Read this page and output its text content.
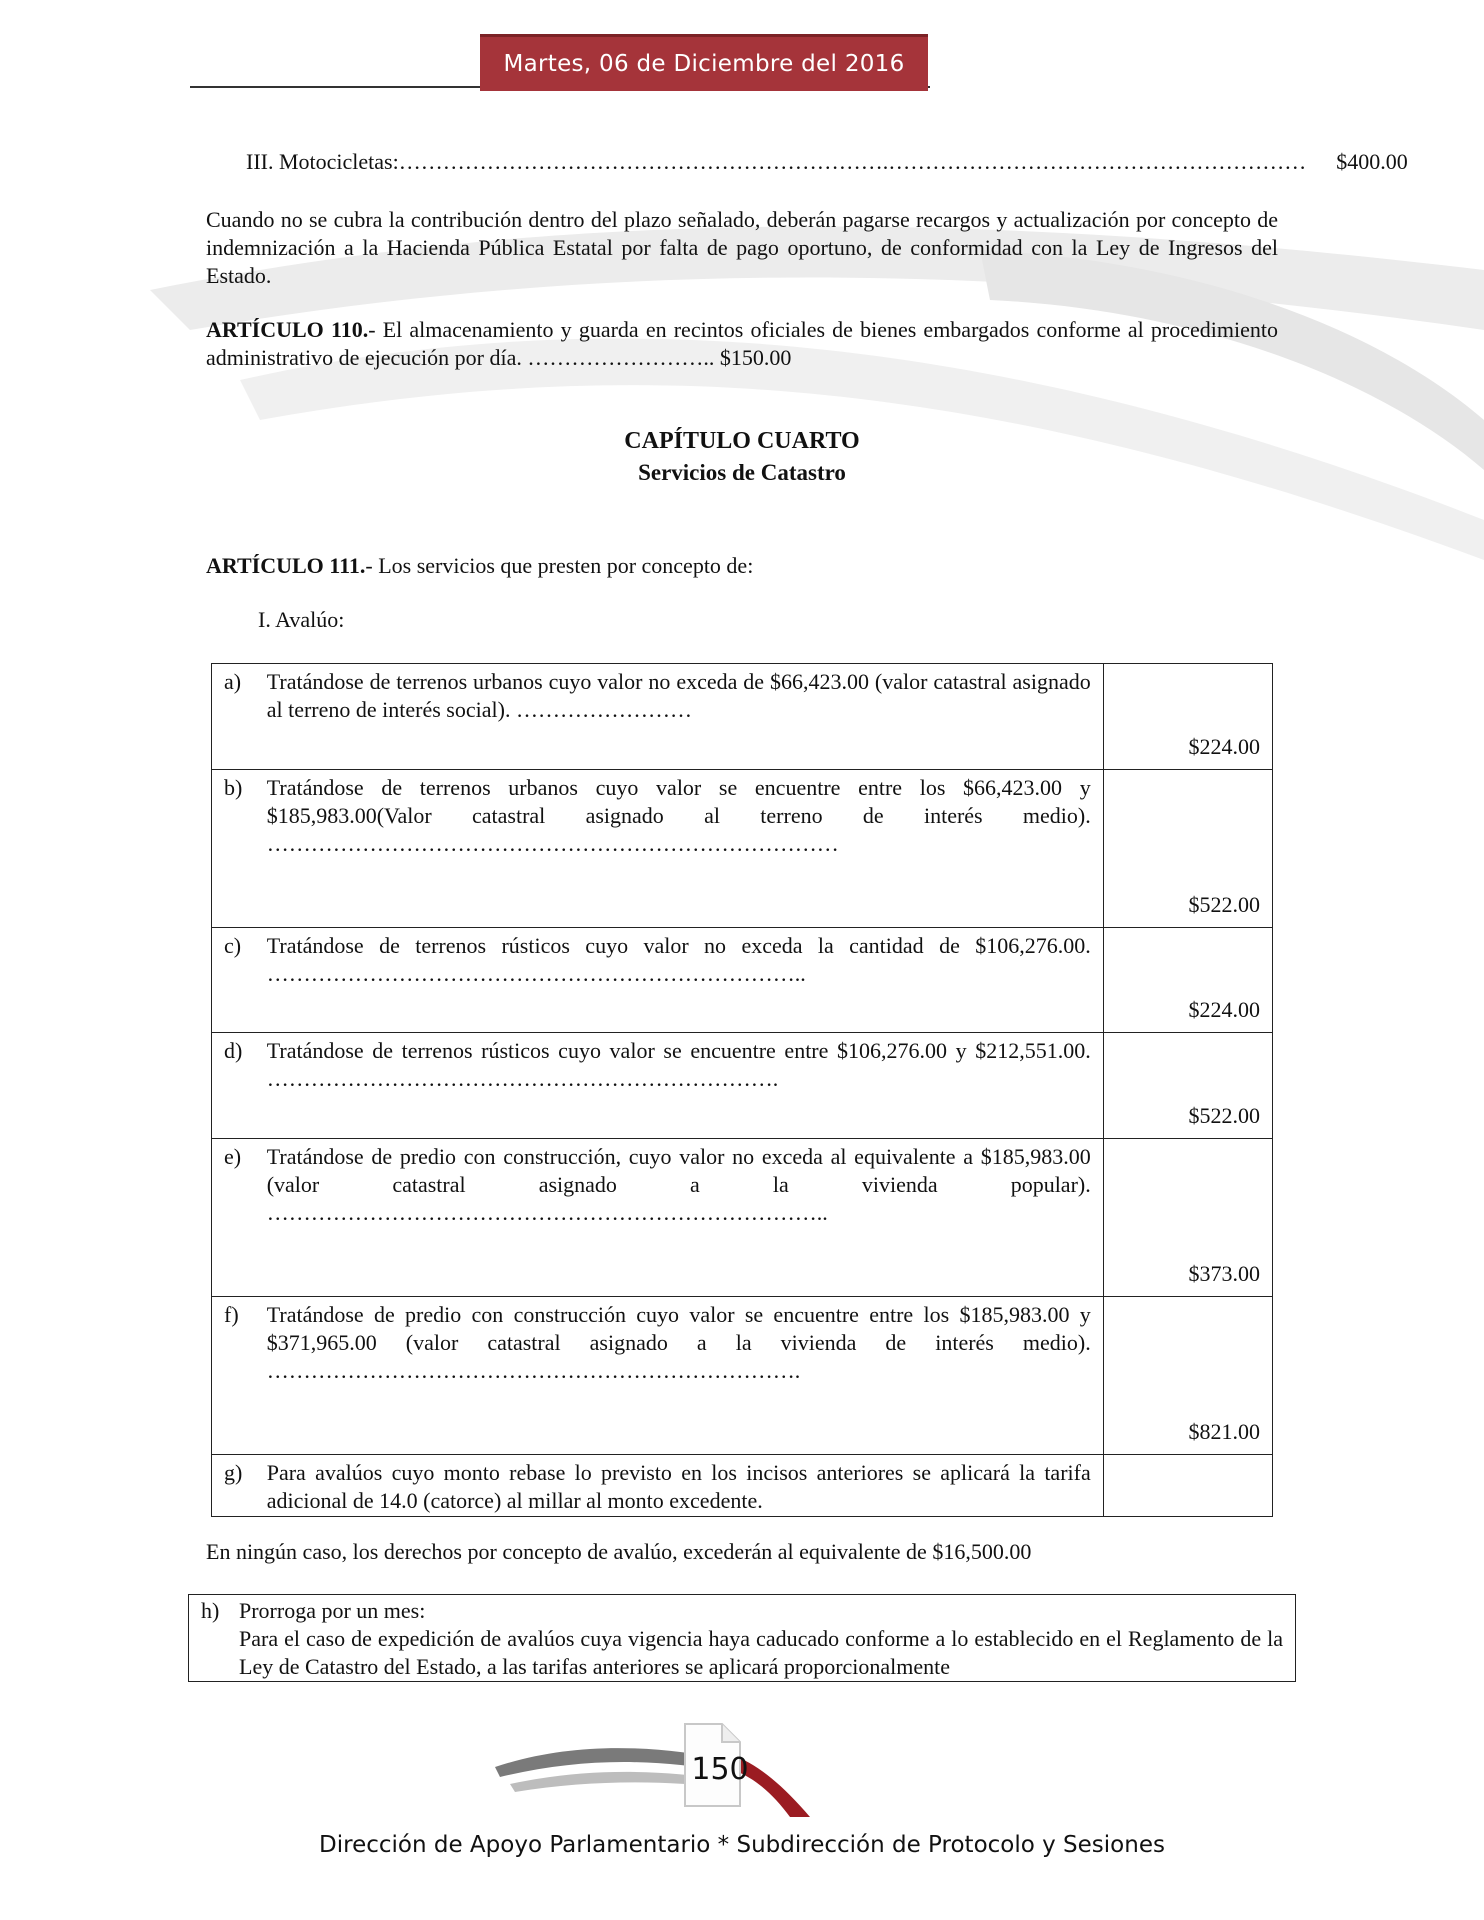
Martes, 06 de Diciembre del 2016
III. Motocicletas: ………………………………………………………….………………………………………………… $400.00
Cuando no se cubra la contribución dentro del plazo señalado, deberán pagarse recargos y actualización por concepto de indemnización a la Hacienda Pública Estatal por falta de pago oportuno, de conformidad con la Ley de Ingresos del Estado.
ARTÍCULO 110.- El almacenamiento y guarda en recintos oficiales de bienes embargados conforme al procedimiento administrativo de ejecución por día. …………………….. $150.00
CAPÍTULO CUARTO
Servicios de Catastro
ARTÍCULO 111.- Los servicios que presten por concepto de:
I. Avalúo:
a)	Tratándose de terrenos urbanos cuyo valor no exceda de $66,423.00 (valor catastral asignado al terreno de interés social). ……………………	$224.00
b)	Tratándose de terrenos urbanos cuyo valor se encuentre entre los $66,423.00 y $185,983.00(Valor catastral asignado al terreno de interés medio). ……………………………………………………………………	$522.00
c)	Tratándose de terrenos rústicos cuyo valor no exceda la cantidad de $106,276.00. ………………………………………………………………..	$224.00
d)	Tratándose de terrenos rústicos cuyo valor se encuentre entre $106,276.00 y $212,551.00. …………………………………………………………….	$522.00
e)	Tratándose de predio con construcción, cuyo valor no exceda al equivalente a $185,983.00 (valor catastral asignado a la vivienda popular). …………………………………………………………………..	$373.00
f)	Tratándose de predio con construcción cuyo valor se encuentre entre los $185,983.00 y $371,965.00 (valor catastral asignado a la vivienda de interés medio). ……………………………………………………………….	$821.00
g)	Para avalúos cuyo monto rebase lo previsto en los incisos anteriores se aplicará la tarifa adicional de 14.0 (catorce) al millar al monto excedente.	
En ningún caso, los derechos por concepto de avalúo, excederán al equivalente de $16,500.00
h)	Prorroga por un mes:
Para el caso de expedición de avalúos cuya vigencia haya caducado conforme a lo establecido en el Reglamento de la Ley de Catastro del Estado, a las tarifas anteriores se aplicará proporcionalmente
150
Dirección de Apoyo Parlamentario * Subdirección de Protocolo y Sesiones
